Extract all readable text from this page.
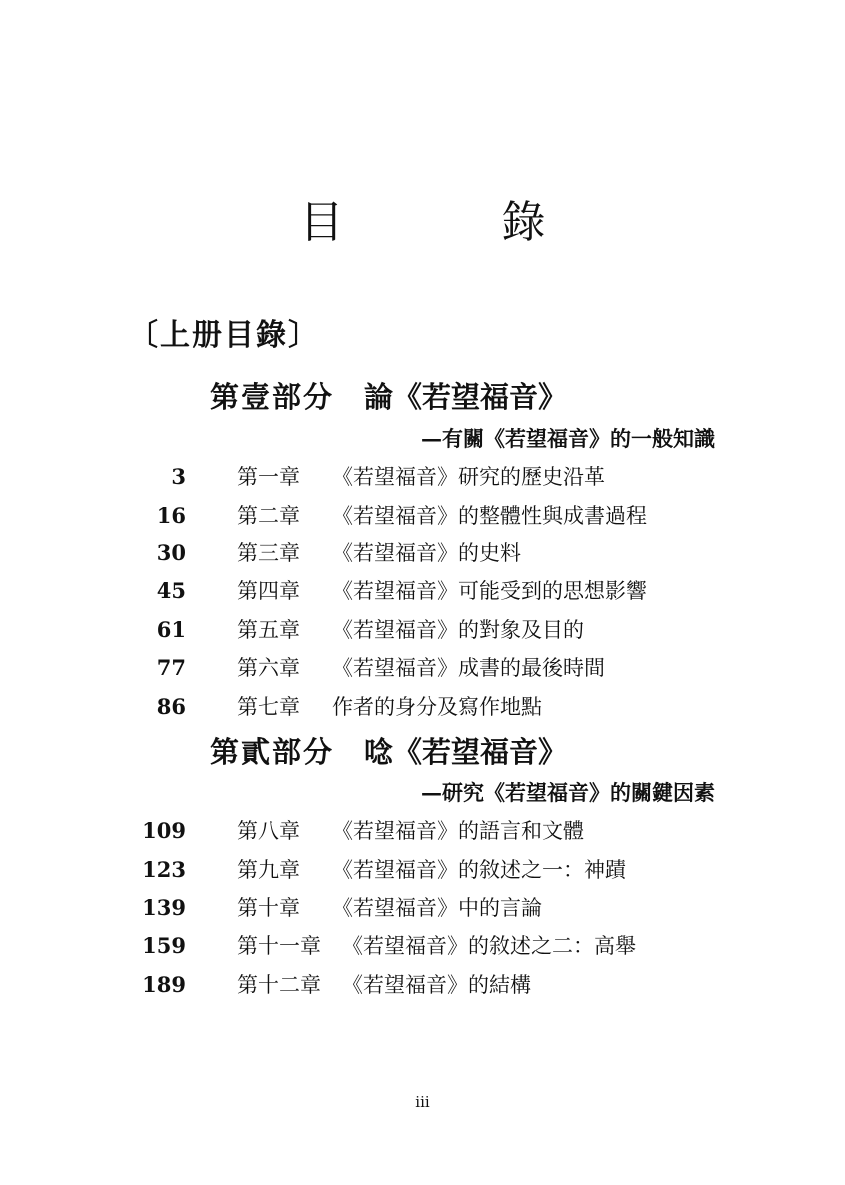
目 錄
〔上册目錄〕
第壹部分 論《若望福音》
—有關《若望福音》的一般知識
3 第一章 《若望福音》研究的歷史沿革
16 第二章 《若望福音》的整體性與成書過程
30 第三章 《若望福音》的史料
45 第四章 《若望福音》可能受到的思想影響
61 第五章 《若望福音》的對象及目的
77 第六章 《若望福音》成書的最後時間
86 第七章 作者的身分及寫作地點
第貳部分 唸《若望福音》
—研究《若望福音》的關鍵因素
109 第八章 《若望福音》的語言和文體
123 第九章 《若望福音》的敘述之一：神蹟
139 第十章 《若望福音》中的言論
159 第十一章 《若望福音》的敘述之二：高舉
189 第十二章 《若望福音》的結構
iii
